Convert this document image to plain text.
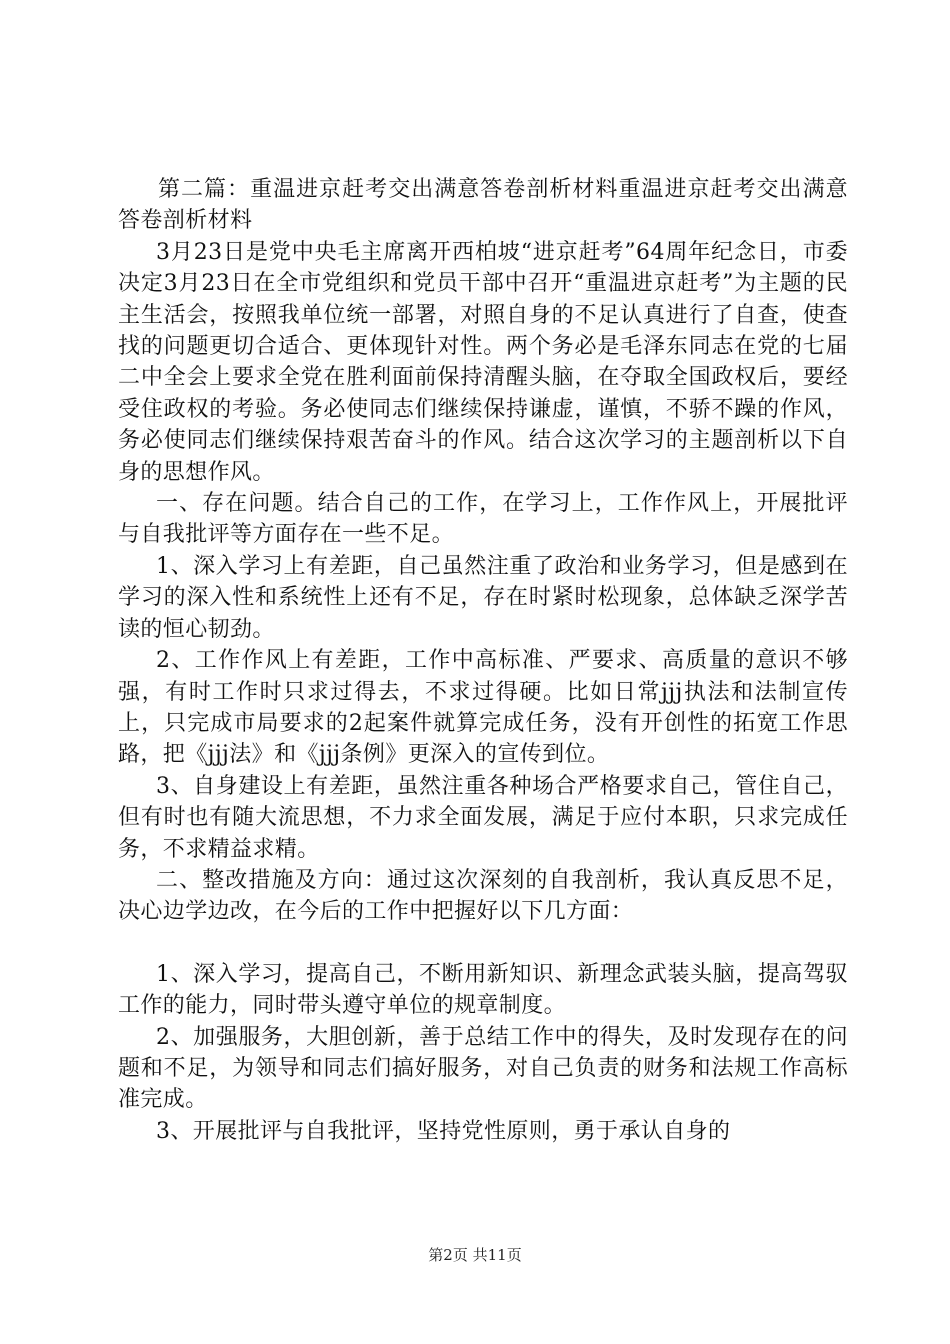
第二篇：重温进京赶考交出满意答卷剖析材料重温进京赶考交出满意答卷剖析材料

3月23日是党中央毛主席离开西柏坡“进京赶考”64周年纪念日，市委决定3月23日在全市党组织和党员干部中召开“重温进京赶考”为主题的民主生活会，按照我单位统一部署，对照自身的不足认真进行了自查，使查找的问题更切合适合、更体现针对性。两个务必是毛泽东同志在党的七届二中全会上要求全党在胜利面前保持清醒头脑，在夺取全国政权后，要经受住政权的考验。务必使同志们继续保持谦虚，谨慎，不骄不躁的作风，务必使同志们继续保持艰苦奋斗的作风。结合这次学习的主题剖析以下自身的思想作风。

一、存在问题。结合自己的工作，在学习上，工作作风上，开展批评与自我批评等方面存在一些不足。

1、深入学习上有差距，自己虽然注重了政治和业务学习，但是感到在学习的深入性和系统性上还有不足，存在时紧时松现象，总体缺乏深学苦读的恒心韧劲。

2、工作作风上有差距，工作中高标准、严要求、高质量的意识不够强，有时工作时只求过得去，不求过得硬。比如日常jjj执法和法制宣传上，只完成市局要求的2起案件就算完成任务，没有开创性的拓宽工作思路，把《jjj法》和《jjj条例》更深入的宣传到位。

3、自身建设上有差距，虽然注重各种场合严格要求自己，管住自己，但有时也有随大流思想，不力求全面发展，满足于应付本职，只求完成任务，不求精益求精。

二、整改措施及方向：通过这次深刻的自我剖析，我认真反思不足，决心边学边改，在今后的工作中把握好以下几方面：

1、深入学习，提高自己，不断用新知识、新理念武装头脑，提高驾驭工作的能力，同时带头遵守单位的规章制度。

2、加强服务，大胆创新，善于总结工作中的得失，及时发现存在的问题和不足，为领导和同志们搞好服务，对自己负责的财务和法规工作高标准完成。

3、开展批评与自我批评，坚持党性原则，勇于承认自身的

第2页 共11页
